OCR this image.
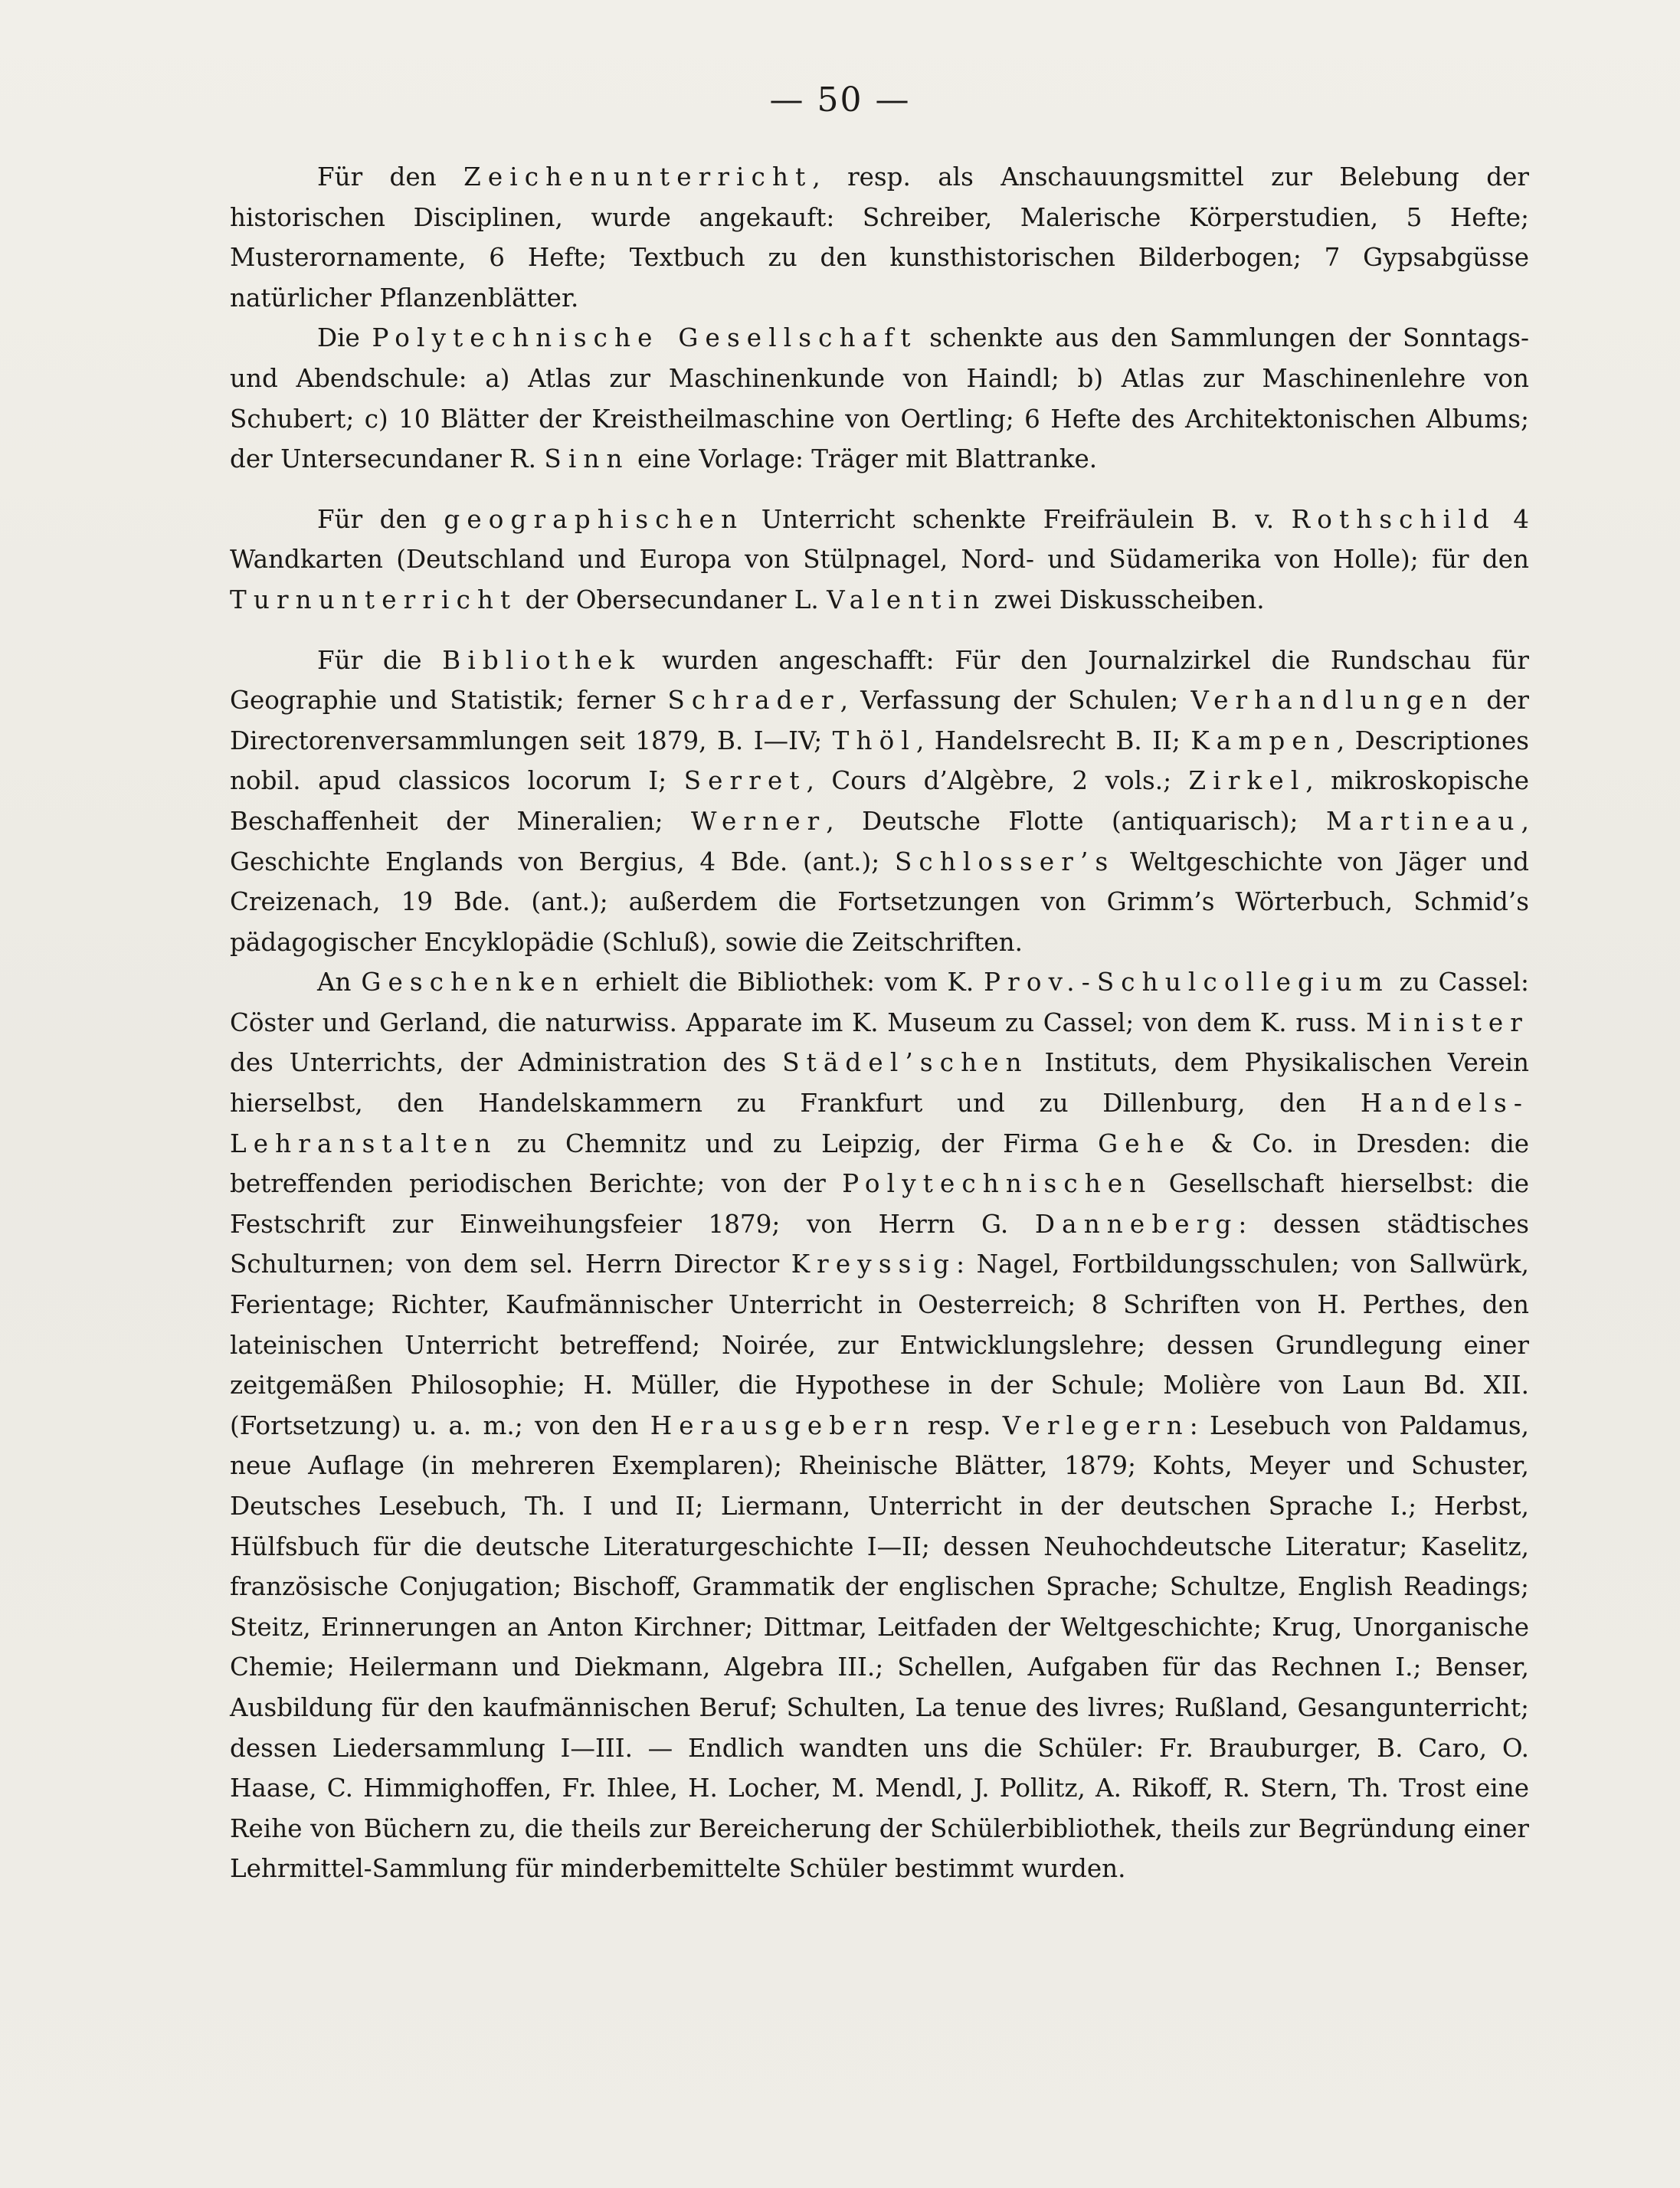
— 50 —

Für den Zeichenunterricht, resp. als Anschauungsmittel zur Belebung der historischen Disciplinen, wurde angekauft: Schreiber, Malerische Körperstudien, 5 Hefte; Musterornamente, 6 Hefte; Textbuch zu den kunsthistorischen Bilderbogen; 7 Gypsabgüsse natürlicher Pflanzenblätter.

Die Polytechnische Gesellschaft schenkte aus den Sammlungen der Sonntags- und Abendschule: a) Atlas zur Maschinenkunde von Haindl; b) Atlas zur Maschinenlehre von Schubert; c) 10 Blätter der Kreistheilmaschine von Oertling; 6 Hefte des Architektonischen Albums; der Untersecundaner R. Sinn eine Vorlage: Träger mit Blattranke.

Für den geographischen Unterricht schenkte Freifräulein B. v. Rothschild 4 Wandkarten (Deutschland und Europa von Stülpnagel, Nord- und Südamerika von Holle); für den Turnunterricht der Obersecundaner L. Valentin zwei Diskusscheiben.

Für die Bibliothek wurden angeschafft: Für den Journalzirkel die Rundschau für Geographie und Statistik; ferner Schrader, Verfassung der Schulen; Verhandlungen der Directorenversammlungen seit 1879, B. I—IV; Thöl, Handelsrecht B. II; Kampen, Descriptiones nobil. apud classicos locorum I; Serret, Cours d’Algèbre, 2 vols.; Zirkel, mikroskopische Beschaffenheit der Mineralien; Werner, Deutsche Flotte (antiquarisch); Martineau, Geschichte Englands von Bergius, 4 Bde. (ant.); Schlosser’s Weltgeschichte von Jäger und Creizenach, 19 Bde. (ant.); außerdem die Fortsetzungen von Grimm’s Wörterbuch, Schmid’s pädagogischer Encyklopädie (Schluß), sowie die Zeitschriften.

An Geschenken erhielt die Bibliothek: vom K. Prov.-Schulcollegium zu Cassel: Cöster und Gerland, die naturwiss. Apparate im K. Museum zu Cassel; von dem K. russ. Minister des Unterrichts, der Administration des Städel’schen Instituts, dem Physikalischen Verein hierselbst, den Handelskammern zu Frankfurt und zu Dillenburg, den Handels-Lehranstalten zu Chemnitz und zu Leipzig, der Firma Gehe & Co. in Dresden: die betreffenden periodischen Berichte; von der Polytechnischen Gesellschaft hierselbst: die Festschrift zur Einweihungsfeier 1879; von Herrn G. Danneberg: dessen städtisches Schulturnen; von dem sel. Herrn Director Kreyssig: Nagel, Fortbildungsschulen; von Sallwürk, Ferientage; Richter, Kaufmännischer Unterricht in Oesterreich; 8 Schriften von H. Perthes, den lateinischen Unterricht betreffend; Noirée, zur Entwicklungslehre; dessen Grundlegung einer zeitgemäßen Philosophie; H. Müller, die Hypothese in der Schule; Molière von Laun Bd. XII. (Fortsetzung) u. a. m.; von den Herausgebern resp. Verlegern: Lesebuch von Paldamus, neue Auflage (in mehreren Exemplaren); Rheinische Blätter, 1879; Kohts, Meyer und Schuster, Deutsches Lesebuch, Th. I und II; Liermann, Unterricht in der deutschen Sprache I.; Herbst, Hülfsbuch für die deutsche Literaturgeschichte I—II; dessen Neuhochdeutsche Literatur; Kaselitz, französische Conjugation; Bischoff, Grammatik der englischen Sprache; Schultze, English Readings; Steitz, Erinnerungen an Anton Kirchner; Dittmar, Leitfaden der Weltgeschichte; Krug, Unorganische Chemie; Heilermann und Diekmann, Algebra III.; Schellen, Aufgaben für das Rechnen I.; Benser, Ausbildung für den kaufmännischen Beruf; Schulten, La tenue des livres; Rußland, Gesangunterricht; dessen Liedersammlung I—III. — Endlich wandten uns die Schüler: Fr. Brauburger, B. Caro, O. Haase, C. Himmighoffen, Fr. Ihlee, H. Locher, M. Mendl, J. Pollitz, A. Rikoff, R. Stern, Th. Trost eine Reihe von Büchern zu, die theils zur Bereicherung der Schülerbibliothek, theils zur Begründung einer Lehrmittel-Sammlung für minderbemittelte Schüler bestimmt wurden.
